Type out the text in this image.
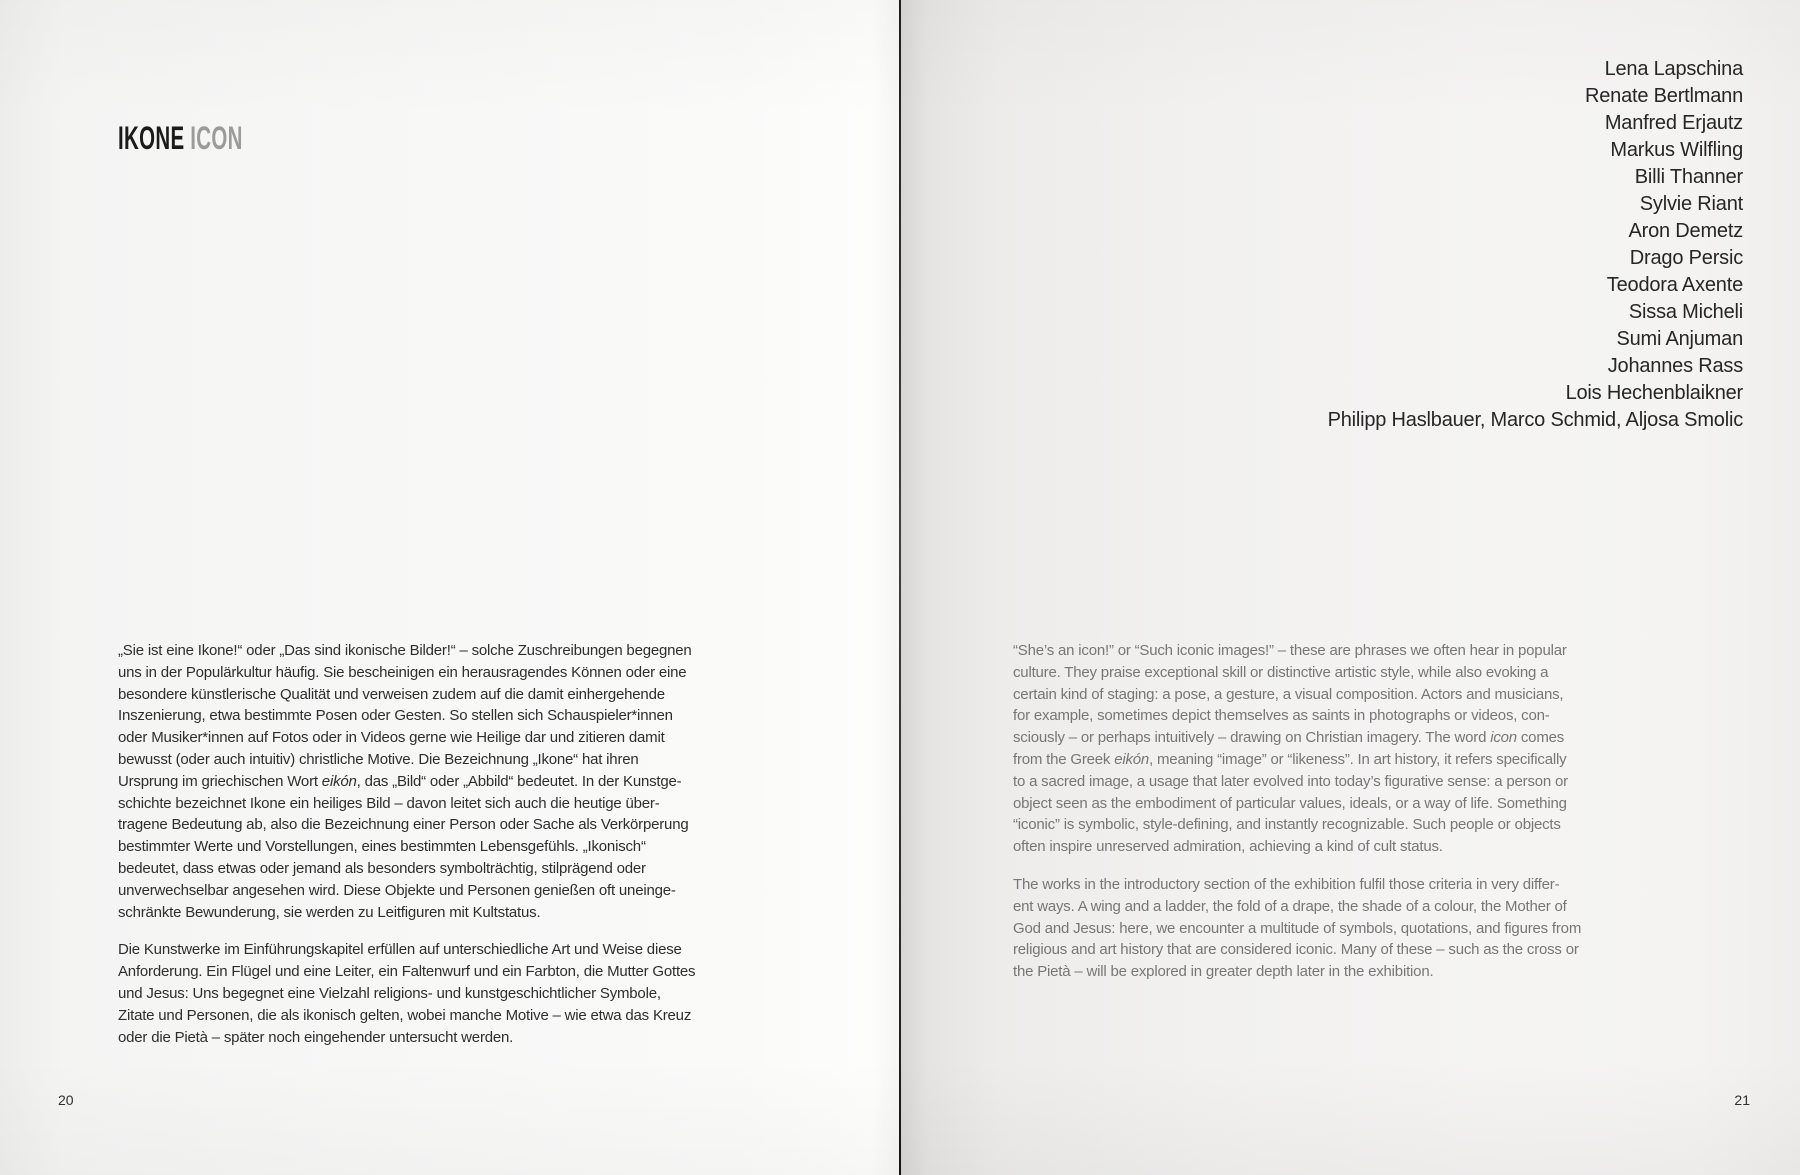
IKONE ICON

„Sie ist eine Ikone!“ oder „Das sind ikonische Bilder!“ – solche Zuschreibungen begegnen
uns in der Populärkultur häufig. Sie bescheinigen ein herausragendes Können oder eine
besondere künstlerische Qualität und verweisen zudem auf die damit einhergehende
Inszenierung, etwa bestimmte Posen oder Gesten. So stellen sich Schauspieler*innen
oder Musiker*innen auf Fotos oder in Videos gerne wie Heilige dar und zitieren damit
bewusst (oder auch intuitiv) christliche Motive. Die Bezeichnung „Ikone“ hat ihren
Ursprung im griechischen Wort eikón, das „Bild“ oder „Abbild“ bedeutet. In der Kunstge-
schichte bezeichnet Ikone ein heiliges Bild – davon leitet sich auch die heutige über-
tragene Bedeutung ab, also die Bezeichnung einer Person oder Sache als Verkörperung
bestimmter Werte und Vorstellungen, eines bestimmten Lebensgefühls. „Ikonisch“
bedeutet, dass etwas oder jemand als besonders symbolträchtig, stilprägend oder
unverwechselbar angesehen wird. Diese Objekte und Personen genießen oft uneinge-
schränkte Bewunderung, sie werden zu Leitfiguren mit Kultstatus.

Die Kunstwerke im Einführungskapitel erfüllen auf unterschiedliche Art und Weise diese
Anforderung. Ein Flügel und eine Leiter, ein Faltenwurf und ein Farbton, die Mutter Gottes
und Jesus: Uns begegnet eine Vielzahl religions- und kunstgeschichtlicher Symbole,
Zitate und Personen, die als ikonisch gelten, wobei manche Motive – wie etwa das Kreuz
oder die Pietà – später noch eingehender untersucht werden.

20
Lena Lapschina
Renate Bertlmann
Manfred Erjautz
Markus Wilfling
Billi Thanner
Sylvie Riant
Aron Demetz
Drago Persic
Teodora Axente
Sissa Micheli
Sumi Anjuman
Johannes Rass
Lois Hechenblaikner
Philipp Haslbauer, Marco Schmid, Aljosa Smolic

“She’s an icon!” or “Such iconic images!” – these are phrases we often hear in popular
culture. They praise exceptional skill or distinctive artistic style, while also evoking a
certain kind of staging: a pose, a gesture, a visual composition. Actors and musicians,
for example, sometimes depict themselves as saints in photographs or videos, con-
sciously – or perhaps intuitively – drawing on Christian imagery. The word icon comes
from the Greek eikón, meaning “image” or “likeness”. In art history, it refers specifically
to a sacred image, a usage that later evolved into today’s figurative sense: a person or
object seen as the embodiment of particular values, ideals, or a way of life. Something
“iconic” is symbolic, style-defining, and instantly recognizable. Such people or objects
often inspire unreserved admiration, achieving a kind of cult status.

The works in the introductory section of the exhibition fulfil those criteria in very differ-
ent ways. A wing and a ladder, the fold of a drape, the shade of a colour, the Mother of
God and Jesus: here, we encounter a multitude of symbols, quotations, and figures from
religious and art history that are considered iconic. Many of these – such as the cross or
the Pietà – will be explored in greater depth later in the exhibition.

21
